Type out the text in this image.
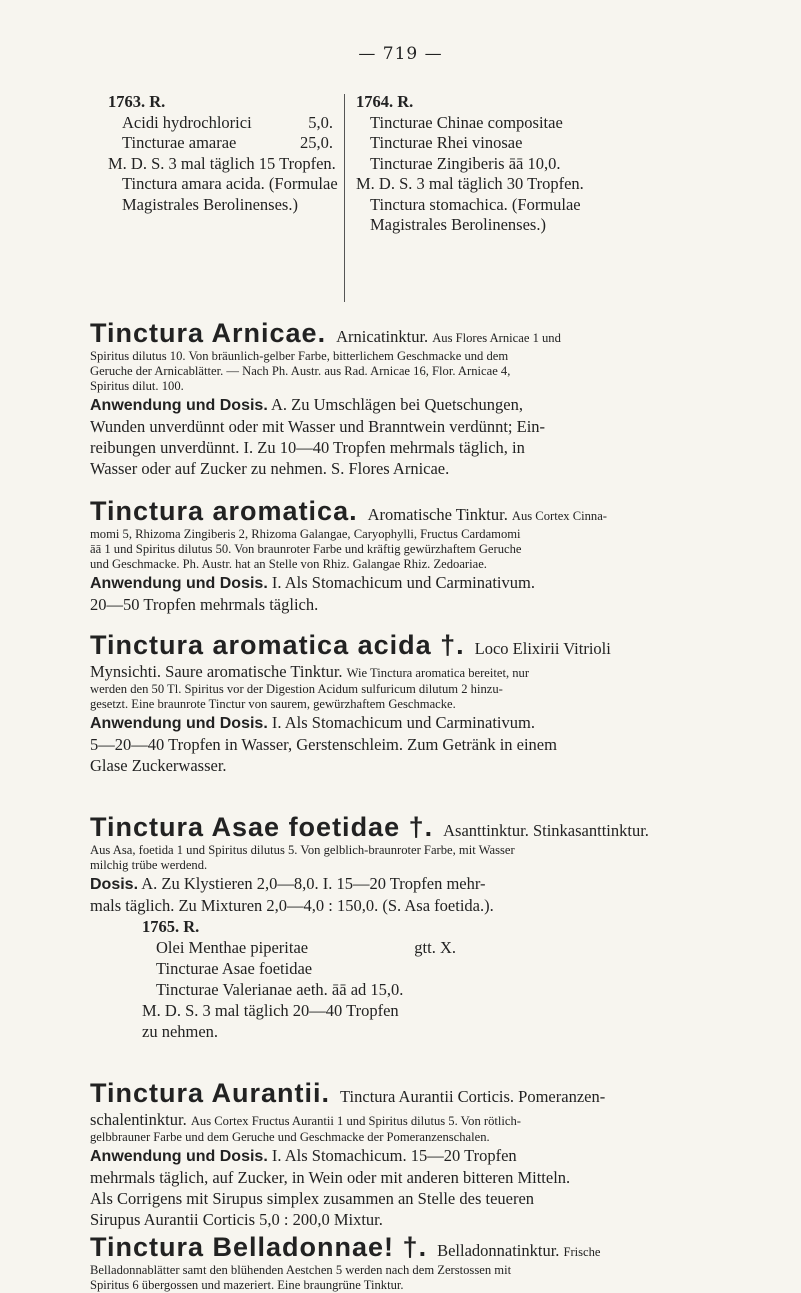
— 719 —
1763. R.
Acidi hydrochlorici	5,0.
Tincturae amarae	25,0.
M. D. S. 3 mal täglich 15 Tropfen.
Tinctura amara acida. (Formulae
Magistrales Berolinenses.)
1764. R.
Tincturae Chinae compositae
Tincturae Rhei vinosae
Tincturae Zingiberis āā 10,0.
M. D. S. 3 mal täglich 30 Tropfen.
Tinctura stomachica. (Formulae
Magistrales Berolinenses.)
Tinctura Arnicae. Arnicatinktur. Aus Flores Arnicae 1 und
Spiritus dilutus 10. Von bräunlich-gelber Farbe, bitterlichem Geschmacke und dem
Geruche der Arnicablätter. — Nach Ph. Austr. aus Rad. Arnicae 16, Flor. Arnicae 4,
Spiritus dilut. 100.
Anwendung und Dosis. A. Zu Umschlägen bei Quetschungen,
Wunden unverdünnt oder mit Wasser und Branntwein verdünnt; Ein-
reibungen unverdünnt. I. Zu 10—40 Tropfen mehrmals täglich, in
Wasser oder auf Zucker zu nehmen. S. Flores Arnicae.
Tinctura aromatica. Aromatische Tinktur. Aus Cortex Cinna-
momi 5, Rhizoma Zingiberis 2, Rhizoma Galangae, Caryophylli, Fructus Cardamomi
āā 1 und Spiritus dilutus 50. Von braunroter Farbe und kräftig gewürzhaftem Geruche
und Geschmacke. Ph. Austr. hat an Stelle von Rhiz. Galangae Rhiz. Zedoariae.
Anwendung und Dosis. I. Als Stomachicum und Carminativum.
20—50 Tropfen mehrmals täglich.
Tinctura aromatica acida †. Loco Elixirii Vitrioli
Mynsichti. Saure aromatische Tinktur. Wie Tinctura aromatica bereitet, nur
werden den 50 Tl. Spiritus vor der Digestion Acidum sulfuricum dilutum 2 hinzu-
gesetzt. Eine braunrote Tinctur von saurem, gewürzhaftem Geschmacke.
Anwendung und Dosis. I. Als Stomachicum und Carminativum.
5—20—40 Tropfen in Wasser, Gerstenschleim. Zum Getränk in einem
Glase Zuckerwasser.
Tinctura Asae foetidae †. Asanttinktur. Stinkasanttinktur.
Aus Asa, foetida 1 und Spiritus dilutus 5. Von gelblich-braunroter Farbe, mit Wasser
milchig trübe werdend.
Dosis. A. Zu Klystieren 2,0—8,0. I. 15—20 Tropfen mehr-
mals täglich. Zu Mixturen 2,0—4,0 : 150,0. (S. Asa foetida.).
1765. R.
Olei Menthae piperitae	gtt. X.
Tincturae Asae foetidae
Tincturae Valerianae aeth. āā ad 15,0.
M. D. S. 3 mal täglich 20—40 Tropfen
zu nehmen.
Tinctura Aurantii. Tinctura Aurantii Corticis. Pomeranzen-
schalentinktur. Aus Cortex Fructus Aurantii 1 und Spiritus dilutus 5. Von rötlich-
gelbbrauner Farbe und dem Geruche und Geschmacke der Pomeranzenschalen.
Anwendung und Dosis. I. Als Stomachicum. 15—20 Tropfen
mehrmals täglich, auf Zucker, in Wein oder mit anderen bitteren Mitteln.
Als Corrigens mit Sirupus simplex zusammen an Stelle des teueren
Sirupus Aurantii Corticis 5,0 : 200,0 Mixtur.
Tinctura Belladonnae! †. Belladonnatinktur. Frische
Belladonnablätter samt den blühenden Aestchen 5 werden nach dem Zerstossen mit
Spiritus 6 übergossen und mazeriert. Eine braungrüne Tinktur.
